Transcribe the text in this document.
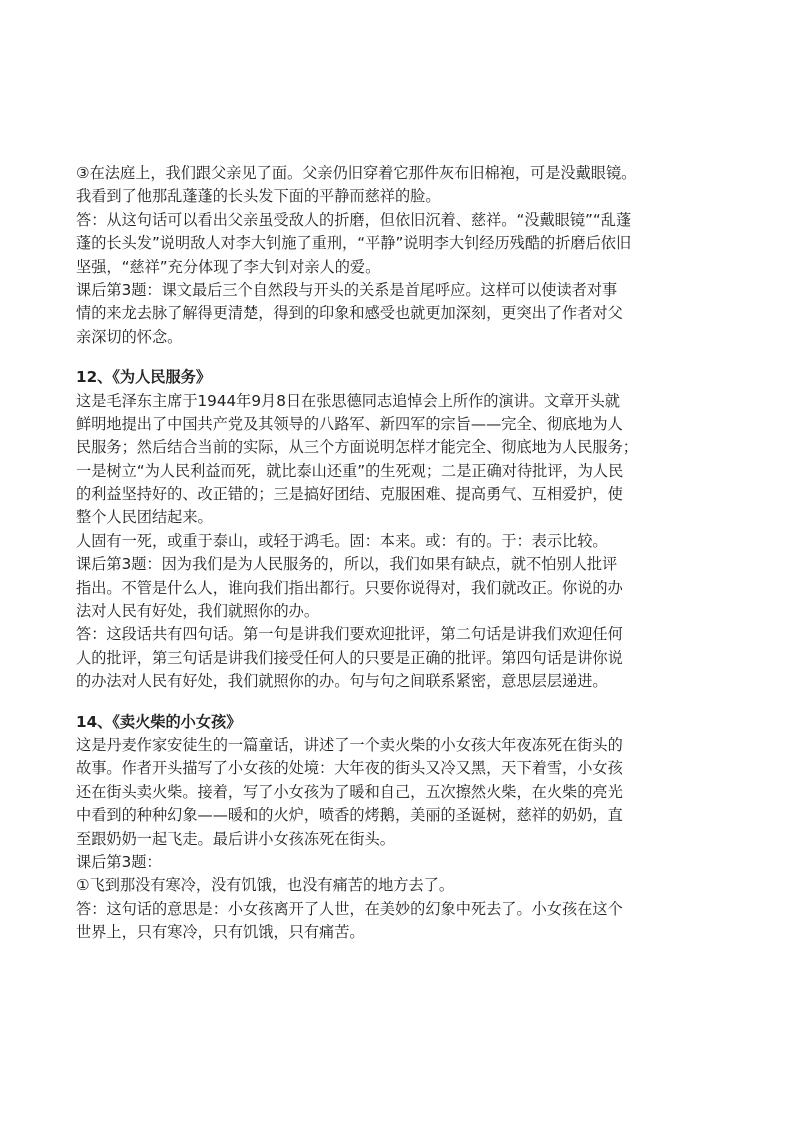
③在法庭上，我们跟父亲见了面。父亲仍旧穿着它那件灰布旧棉袍，可是没戴眼镜。
我看到了他那乱蓬蓬的长头发下面的平静而慈祥的脸。
答：从这句话可以看出父亲虽受敌人的折磨，但依旧沉着、慈祥。“没戴眼镜”“乱蓬
蓬的长头发”说明敌人对李大钊施了重刑，“平静”说明李大钊经历残酷的折磨后依旧
坚强，“慈祥”充分体现了李大钊对亲人的爱。
课后第3题：课文最后三个自然段与开头的关系是首尾呼应。这样可以使读者对事
情的来龙去脉了解得更清楚，得到的印象和感受也就更加深刻，更突出了作者对父
亲深切的怀念。
12、《为人民服务》
这是毛泽东主席于1944年9月8日在张思德同志追悼会上所作的演讲。文章开头就
鲜明地提出了中国共产党及其领导的八路军、新四军的宗旨——完全、彻底地为人
民服务；然后结合当前的实际，从三个方面说明怎样才能完全、彻底地为人民服务；
一是树立“为人民利益而死，就比泰山还重”的生死观；二是正确对待批评，为人民
的利益坚持好的、改正错的；三是搞好团结、克服困难、提高勇气、互相爱护，使
整个人民团结起来。
人固有一死，或重于泰山，或轻于鸿毛。固：本来。或：有的。于：表示比较。
课后第3题：因为我们是为人民服务的，所以，我们如果有缺点，就不怕别人批评
指出。不管是什么人，谁向我们指出都行。只要你说得对，我们就改正。你说的办
法对人民有好处，我们就照你的办。
答：这段话共有四句话。第一句是讲我们要欢迎批评，第二句话是讲我们欢迎任何
人的批评，第三句话是讲我们接受任何人的只要是正确的批评。第四句话是讲你说
的办法对人民有好处，我们就照你的办。句与句之间联系紧密，意思层层递进。
14、《卖火柴的小女孩》
这是丹麦作家安徒生的一篇童话，讲述了一个卖火柴的小女孩大年夜冻死在街头的
故事。作者开头描写了小女孩的处境：大年夜的街头又冷又黑，天下着雪，小女孩
还在街头卖火柴。接着，写了小女孩为了暖和自己，五次擦然火柴，在火柴的亮光
中看到的种种幻象——暖和的火炉，喷香的烤鹅，美丽的圣诞树，慈祥的奶奶，直
至跟奶奶一起飞走。最后讲小女孩冻死在街头。
课后第3题：
①飞到那没有寒冷，没有饥饿，也没有痛苦的地方去了。
答：这句话的意思是：小女孩离开了人世，在美妙的幻象中死去了。小女孩在这个
世界上，只有寒冷，只有饥饿，只有痛苦。
